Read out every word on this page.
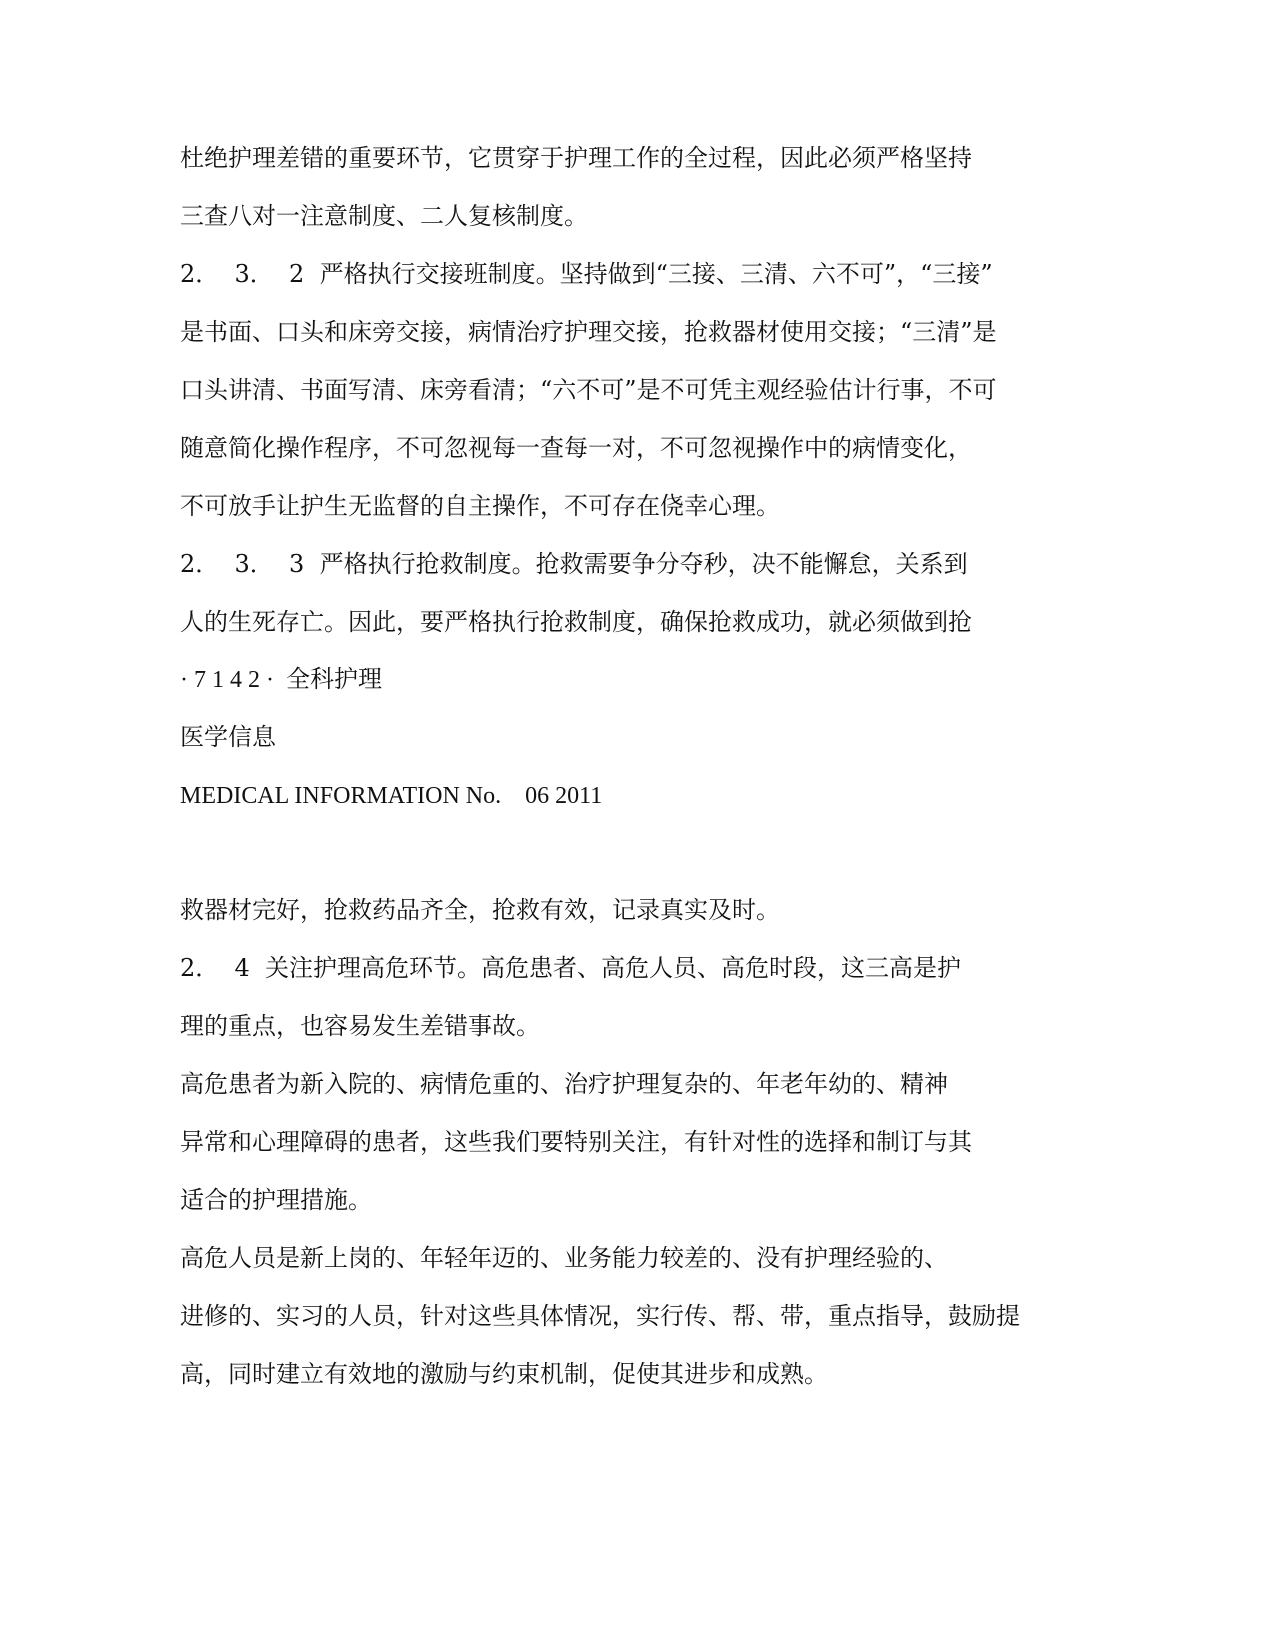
杜绝护理差错的重要环节，它贯穿于护理工作的全过程，因此必须严格坚持

三查八对一注意制度、二人复核制度。

2．  3．  2  严格执行交接班制度。坚持做到“三接、三清、六不可”，“三接”

是书面、口头和床旁交接，病情治疗护理交接，抢救器材使用交接；“三清”是

口头讲清、书面写清、床旁看清；“六不可”是不可凭主观经验估计行事，不可

随意简化操作程序，不可忽视每一查每一对，不可忽视操作中的病情变化，

不可放手让护生无监督的自主操作，不可存在侥幸心理。

2．  3．  3  严格执行抢救制度。抢救需要争分夺秒，决不能懈怠，关系到

人的生死存亡。因此，要严格执行抢救制度，确保抢救成功，就必须做到抢

· 7 1 4 2 ·  全科护理

医学信息

MEDICAL INFORMATION No.    06 2011

救器材完好，抢救药品齐全，抢救有效，记录真实及时。

2．  4  关注护理高危环节。高危患者、高危人员、高危时段，这三高是护

理的重点，也容易发生差错事故。

高危患者为新入院的、病情危重的、治疗护理复杂的、年老年幼的、精神

异常和心理障碍的患者，这些我们要特别关注，有针对性的选择和制订与其

适合的护理措施。

高危人员是新上岗的、年轻年迈的、业务能力较差的、没有护理经验的、

进修的、实习的人员，针对这些具体情况，实行传、帮、带，重点指导，鼓励提

高，同时建立有效地的激励与约束机制，促使其进步和成熟。
